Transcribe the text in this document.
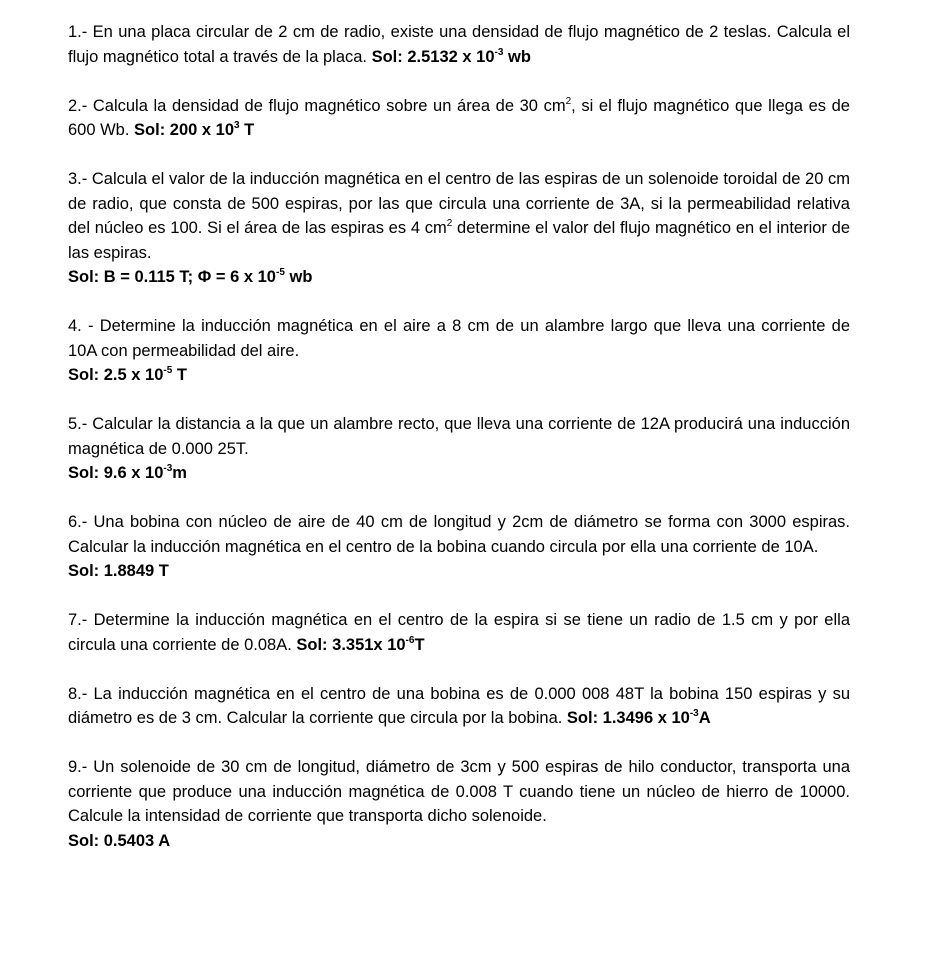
1.- En una placa circular de 2 cm de radio, existe una densidad de flujo magnético de 2 teslas. Calcula el flujo magnético total a través de la placa. Sol: 2.5132 x $10^{-3}$ wb

2.- Calcula la densidad de flujo magnético sobre un área de 30 $cm^2$, si el flujo magnético que llega es de 600 Wb. Sol: 200 x $10^3$ T

3.- Calcula el valor de la inducción magnética en el centro de las espiras de un solenoide toroidal de 20 cm de radio, que consta de 500 espiras, por las que circula una corriente de 3A, si la permeabilidad relativa del núcleo es 100. Si el área de las espiras es 4 $cm^2$ determine el valor del flujo magnético en el interior de las espiras.
Sol: B = 0.115 T; Φ = 6 x $10^{-5}$ wb

4. - Determine la inducción magnética en el aire a 8 cm de un alambre largo que lleva una corriente de 10A con permeabilidad del aire.
Sol: 2.5 x $10^{-5}$ T

5.- Calcular la distancia a la que un alambre recto, que lleva una corriente de 12A producirá una inducción magnética de 0.000 25T.
Sol: 9.6 x $10^{-3}m$

6.- Una bobina con núcleo de aire de 40 cm de longitud y 2cm de diámetro se forma con 3000 espiras. Calcular la inducción magnética en el centro de la bobina cuando circula por ella una corriente de 10A.
Sol: 1.8849 T

7.- Determine la inducción magnética en el centro de la espira si se tiene un radio de 1.5 cm y por ella circula una corriente de 0.08A. Sol: 3.351x $10^{-6}T$

8.- La inducción magnética en el centro de una bobina es de 0.000 008 48T la bobina 150 espiras y su diámetro es de 3 cm. Calcular la corriente que circula por la bobina. Sol: 1.3496 x $10^{-3}A$

9.- Un solenoide de 30 cm de longitud, diámetro de 3cm y 500 espiras de hilo conductor, transporta una corriente que produce una inducción magnética de 0.008 T cuando tiene un núcleo de hierro de 10000. Calcule la intensidad de corriente que transporta dicho solenoide.
Sol: 0.5403 A
